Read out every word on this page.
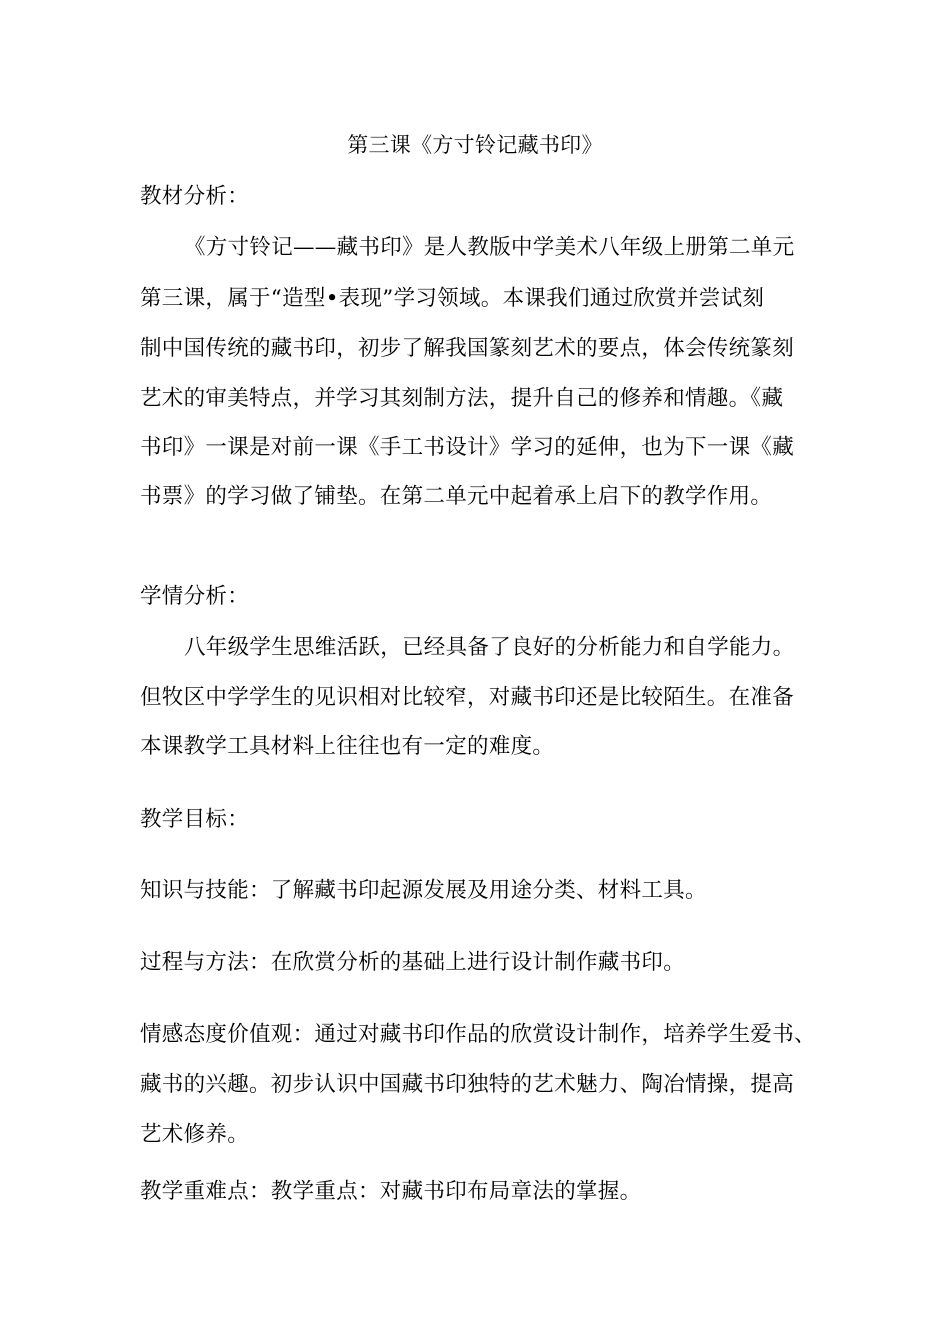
第三课《方寸铃记藏书印》
教材分析：
《方寸铃记——藏书印》是人教版中学美术八年级上册第二单元
第三课，属于“造型•表现”学习领域。本课我们通过欣赏并尝试刻
制中国传统的藏书印，初步了解我国篆刻艺术的要点，体会传统篆刻
艺术的审美特点，并学习其刻制方法，提升自己的修养和情趣。《藏
书印》一课是对前一课《手工书设计》学习的延伸，也为下一课《藏
书票》的学习做了铺垫。在第二单元中起着承上启下的教学作用。
学情分析：
八年级学生思维活跃，已经具备了良好的分析能力和自学能力。
但牧区中学学生的见识相对比较窄，对藏书印还是比较陌生。在准备
本课教学工具材料上往往也有一定的难度。
教学目标：
知识与技能：了解藏书印起源发展及用途分类、材料工具。
过程与方法：在欣赏分析的基础上进行设计制作藏书印。
情感态度价值观：通过对藏书印作品的欣赏设计制作，培养学生爱书、
藏书的兴趣。初步认识中国藏书印独特的艺术魅力、陶冶情操，提高
艺术修养。
教学重难点：教学重点：对藏书印布局章法的掌握。
